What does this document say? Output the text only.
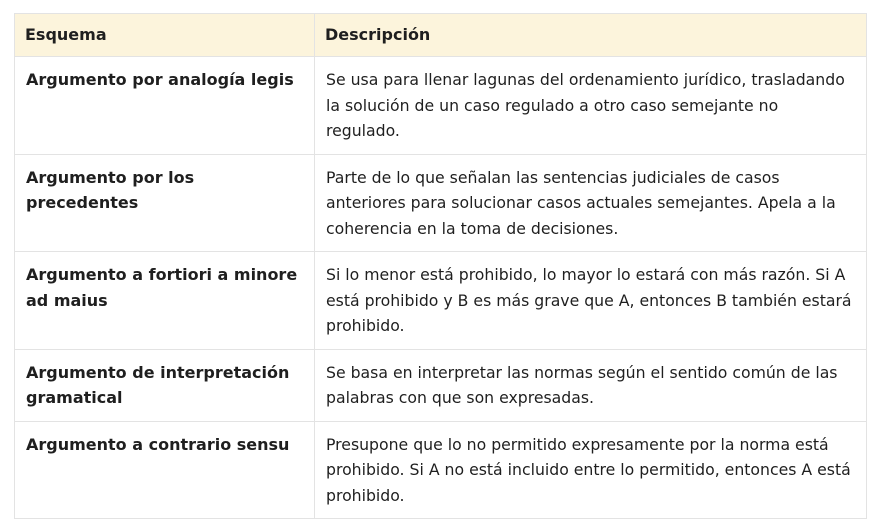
Esquema	Descripción
Argumento por analogía legis	Se usa para llenar lagunas del ordenamiento jurídico, trasladando la solución de un caso regulado a otro caso semejante no regulado.
Argumento por los precedentes	Parte de lo que señalan las sentencias judiciales de casos anteriores para solucionar casos actuales semejantes. Apela a la coherencia en la toma de decisiones.
Argumento a fortiori a minore ad maius	Si lo menor está prohibido, lo mayor lo estará con más razón. Si A está prohibido y B es más grave que A, entonces B también estará prohibido.
Argumento de interpretación gramatical	Se basa en interpretar las normas según el sentido común de las palabras con que son expresadas.
Argumento a contrario sensu	Presupone que lo no permitido expresamente por la norma está prohibido. Si A no está incluido entre lo permitido, entonces A está prohibido.
